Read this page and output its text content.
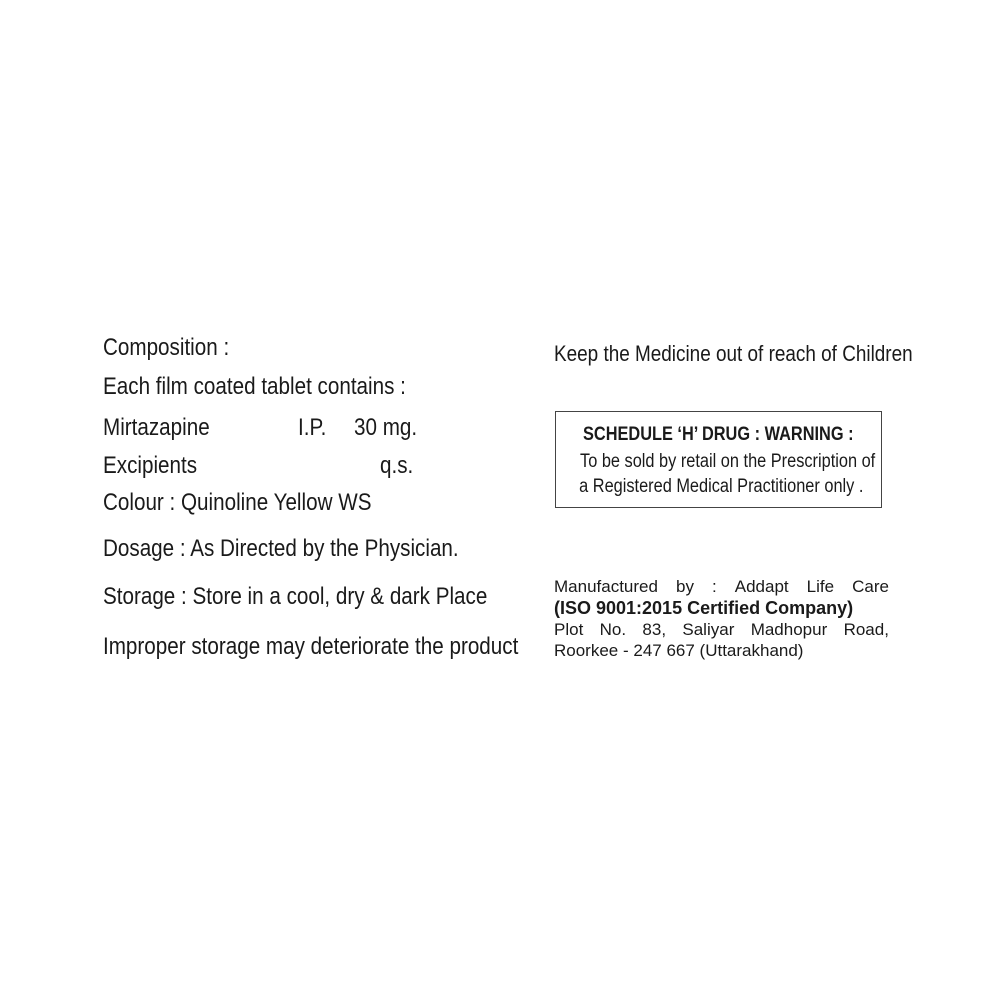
Composition :
Each film coated tablet contains :
Mirtazapine	I.P. 30 mg.
Excipients	q.s.
Colour : Quinoline Yellow WS
Dosage : As Directed by the Physician.
Storage : Store in a cool, dry & dark Place
Improper storage may deteriorate the product
Keep the Medicine out of reach of Children
SCHEDULE ‘H’ DRUG : WARNING :
To be sold by retail on the Prescription of
a Registered Medical Practitioner only .
Manufactured by : Addapt Life Care
(ISO 9001:2015 Certified Company)
Plot No. 83, Saliyar Madhopur Road,
Roorkee - 247 667 (Uttarakhand)
